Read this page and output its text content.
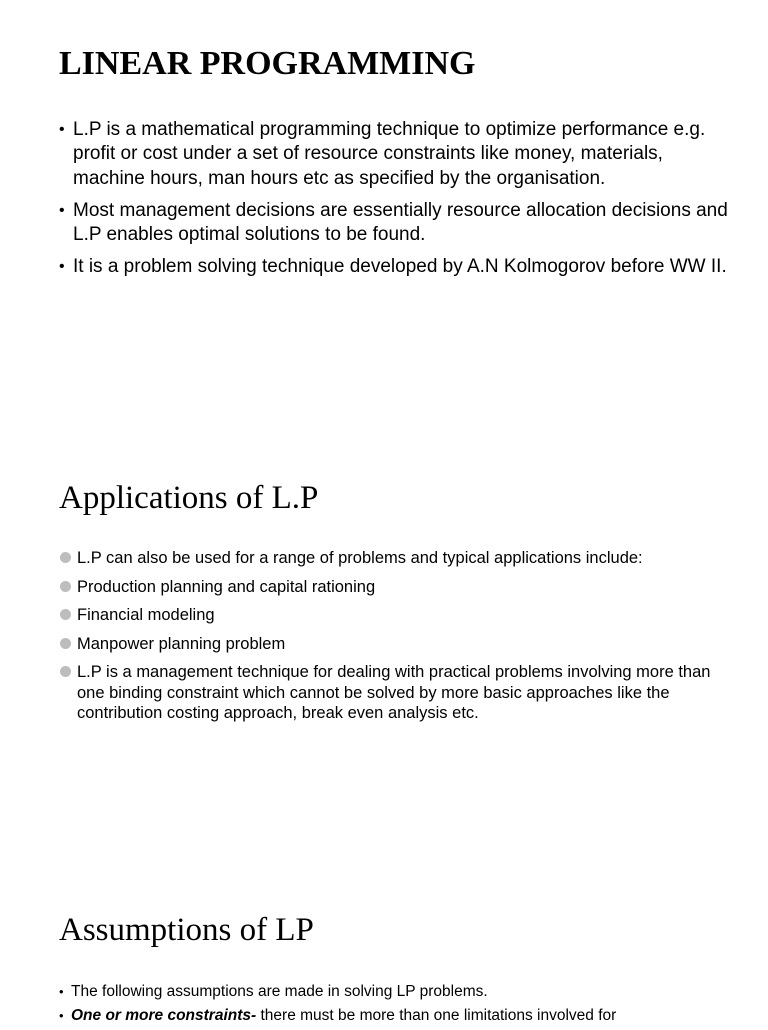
LINEAR PROGRAMMING
• L.P is a mathematical programming technique to optimize performance e.g. profit or cost under a set of resource constraints like money, materials, machine hours, man hours etc as specified by the organisation.
• Most management decisions are essentially resource allocation decisions and L.P enables optimal solutions to be found.
• It is a problem solving technique developed by A.N Kolmogorov before WW II.
Applications of L.P
L.P can also be used for a range of problems and typical applications include:
Production planning and capital rationing
Financial modeling
Manpower planning problem
L.P is a management technique for dealing with practical problems involving more than one binding constraint which cannot be solved by more basic approaches like the contribution costing approach, break even analysis etc.
Assumptions of LP
• The following assumptions are made in solving LP problems.
• One or more constraints- there must be more than one limitations involved for
